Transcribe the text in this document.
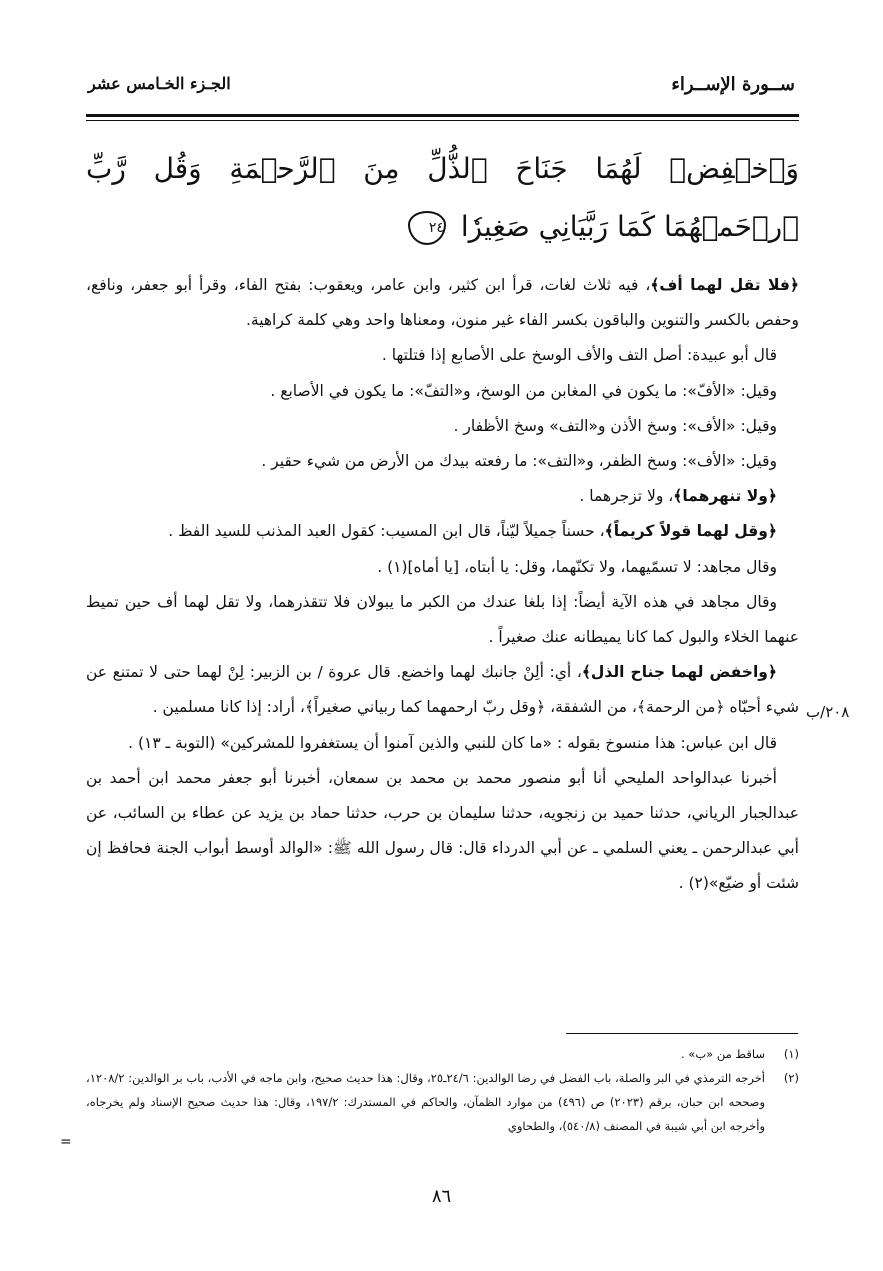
ســورة الإســراء
الجـزء الخـامس عشر
وَٱخۡفِضۡ لَهُمَا جَنَاحَ ٱلذُّلِّ مِنَ ٱلرَّحۡمَةِ وَقُل رَّبِّ ٱرۡحَمۡهُمَا كَمَا رَبَّيَانِي صَغِيرٗا ٢٤

﴿فلا تقل لهما أف﴾، فيه ثلاث لغات، قرأ ابن كثير، وابن عامر، ويعقوب: بفتح الفاء، وقرأ أبو جعفر، ونافع، وحفص بالكسر والتنوين والباقون بكسر الفاء غير منون، ومعناها واحد وهي كلمة كراهية.

قال أبو عبيدة: أصل التف والأف الوسخ على الأصابع إذا فتلتها .

وقيل: «الأفّ»: ما يكون في المغابن من الوسخ، و«التفّ»: ما يكون في الأصابع .

وقيل: «الأف»: وسخ الأذن و«التف» وسخ الأظفار .

وقيل: «الأف»: وسخ الظفر، و«التف»: ما رفعته بيدك من الأرض من شيء حقير .

﴿ولا تنهرهما﴾، ولا تزجرهما .

﴿وقل لهما قولاً كريماً﴾، حسناً جميلاً ليّناً، قال ابن المسيب: كقول العبد المذنب للسيد الفظ .

وقال مجاهد: لا تسمّيهما، ولا تكنّهما، وقل: يا أبتاه، [يا أماه](١) .

وقال مجاهد في هذه الآية أيضاً: إذا بلغا عندك من الكبر ما يبولان فلا تتقذرهما، ولا تقل لهما أف حين تميط عنهما الخلاء والبول كما كانا يميطانه عنك صغيراً .

﴿واخفض لهما جناح الذل﴾، أي: ألِنْ جانبك لهما واخضع. قال عروة / بن الزبير: لِنْ لهما حتى لا تمتنع عن شيء أحبّاه ﴿من الرحمة﴾، من الشفقة، ﴿وقل ربّ ارحمهما كما ربياني صغيراً﴾، أراد: إذا كانا مسلمين .

قال ابن عباس: هذا منسوخ بقوله : «ما كان للنبي والذين آمنوا أن يستغفروا للمشركين» (التوبة ـ ١٣) .

أخبرنا عبدالواحد المليحي أنا أبو منصور محمد بن محمد بن سمعان، أخبرنا أبو جعفر محمد ابن أحمد بن عبدالجبار الرياني، حدثنا حميد بن زنجويه، حدثنا سليمان بن حرب، حدثنا حماد بن يزيد عن عطاء بن السائب، عن أبي عبدالرحمن ـ يعني السلمي ـ عن أبي الدرداء قال: قال رسول الله ﷺ: «الوالد أوسط أبواب الجنة فحافظ إن شئت أو ضيّع»(٢) .

٢٠٨/ب
(١)
ساقط من «ب» .
(٢)
أخرجه الترمذي في البر والصلة، باب الفضل في رضا الوالدين: ٢٤/٦ـ٢٥، وقال: هذا حديث صحيح، وابن ماجه في الأدب، باب بر الوالدين: ١٢٠٨/٢، وصححه ابن حبان، برقم (٢٠٢٣) ص (٤٩٦) من موارد الظمآن، والحاكم في المستدرك: ١٩٧/٢، وقال: هذا حديث صحيح الإسناد ولم يخرجاه، وأخرجه ابن أبي شيبة في المصنف (٥٤٠/٨)، والطحاوي
=
٨٦
